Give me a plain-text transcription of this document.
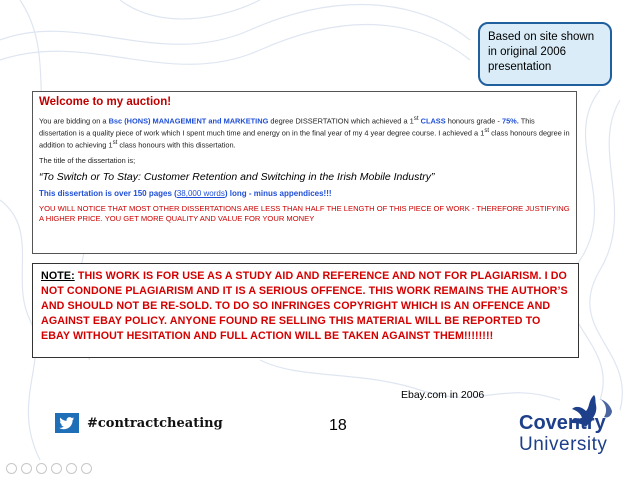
Based on site shown
in original 2006
presentation
Welcome to my auction!

You are bidding on a Bsc (HONS) MANAGEMENT and MARKETING degree DISSERTATION which achieved a 1st CLASS honours grade - 75%. This dissertation is a quality piece of work which I spent much time and energy on in the final year of my 4 year degree course. I achieved a 1st class honours degree in addition to achieving 1st class honours with this dissertation.

The title of the dissertation is;

“To Switch or To Stay: Customer Retention and Switching in the Irish Mobile Industry”
This dissertation is over 150 pages (38,000 words) long - minus appendices!!!

YOU WILL NOTICE THAT MOST OTHER DISSERTATIONS ARE LESS THAN HALF THE LENGTH OF THIS PIECE OF WORK - THEREFORE JUSTIFYING A HIGHER PRICE. YOU GET MORE QUALITY AND VALUE FOR YOUR MONEY

NOTE: THIS WORK IS FOR USE AS A STUDY AID AND REFERENCE AND NOT FOR PLAGIARISM. I DO NOT CONDONE PLAGIARISM AND IT IS A SERIOUS OFFENCE. THIS WORK REMAINS THE AUTHOR’S AND SHOULD NOT BE RE-SOLD. TO DO SO INFRINGES COPYRIGHT WHICH IS AN OFFENCE AND AGAINST EBAY POLICY. ANYONE FOUND RE SELLING THIS MATERIAL WILL BE REPORTED TO EBAY WITHOUT HESITATION AND FULL ACTION WILL BE TAKEN AGAINST THEM!!!!!!!!
Ebay.com in 2006
#contractcheating	18	Coventry
University
